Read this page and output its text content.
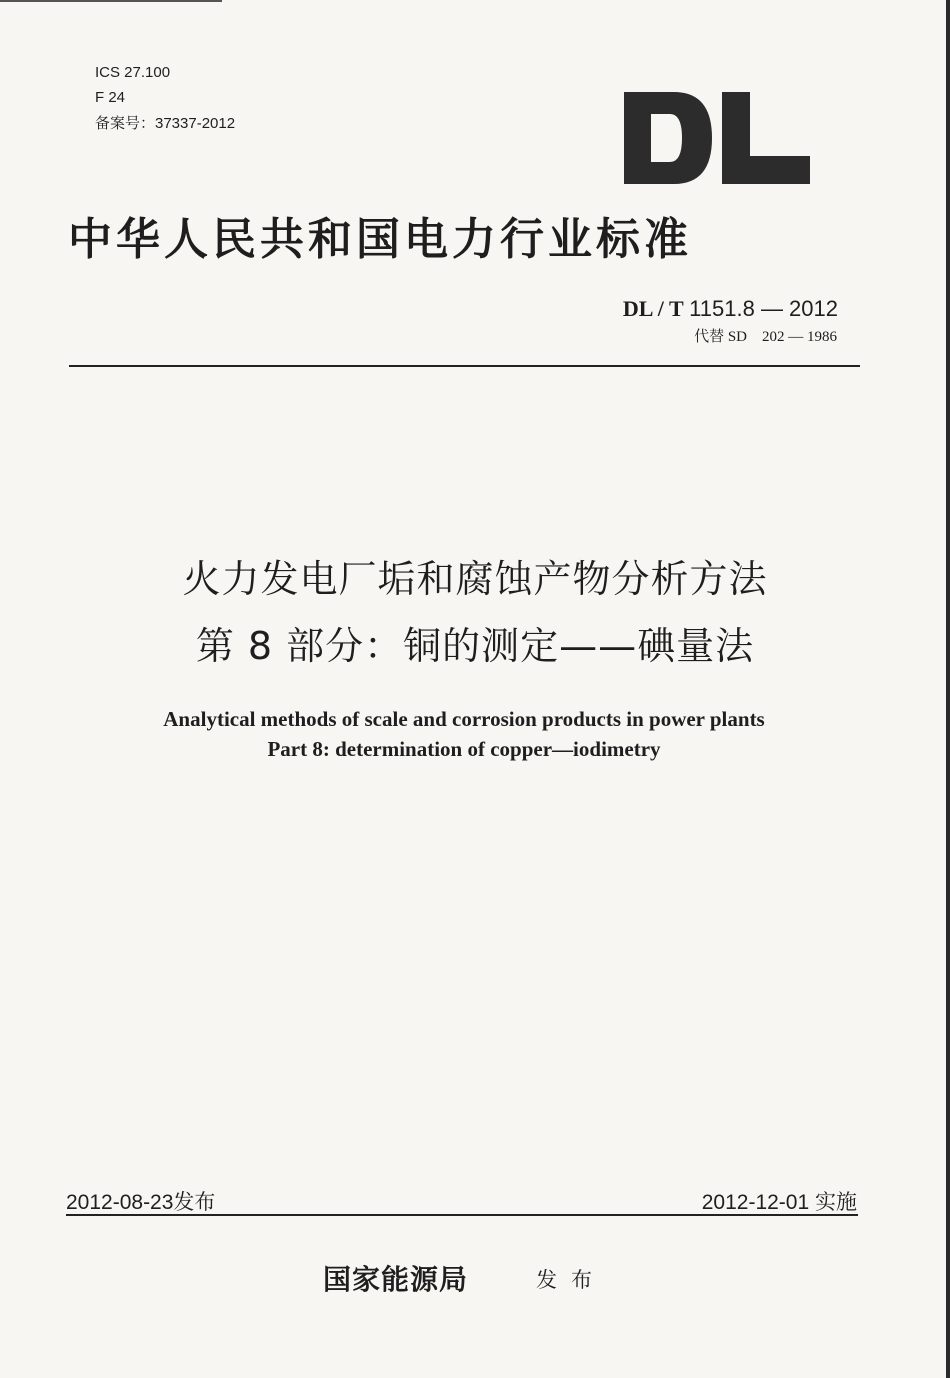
ICS 27.100
F 24
备案号：37337-2012
中华人民共和国电力行业标准
DL / T 1151.8 — 2012
代替 SD　202 — 1986
火力发电厂垢和腐蚀产物分析方法
第 8 部分：铜的测定——碘量法
Analytical methods of scale and corrosion products in power plants
Part 8: determination of copper—iodimetry
2012-08-23发布	2012-12-01 实施
国家能源局	发布
